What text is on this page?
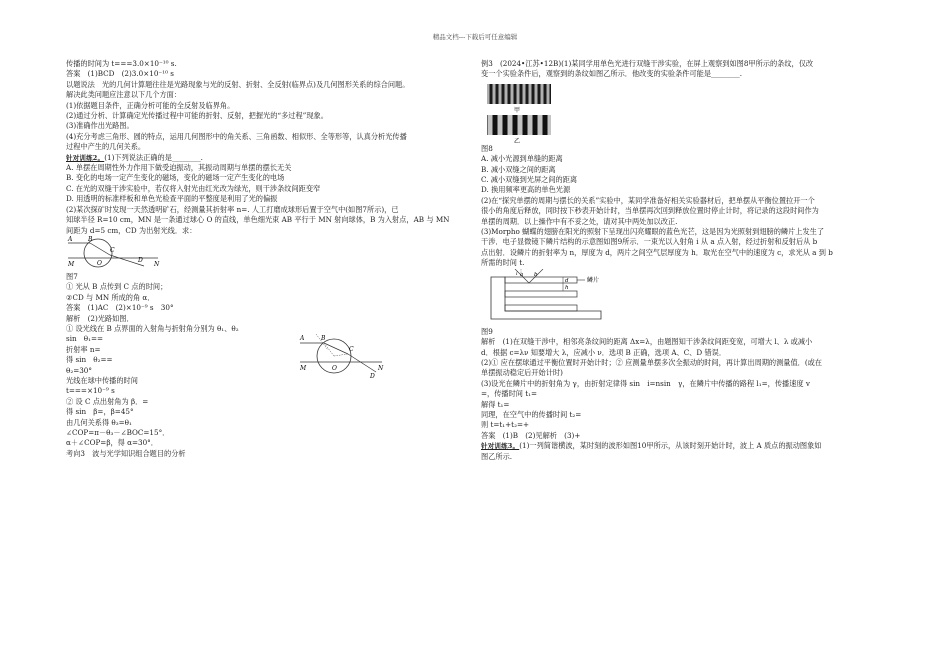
精品文档---下载后可任意编辑

传播的时间为 t===3.0×10⁻¹⁰ s.

答案　(1)BCD　(2)3.0×10⁻¹⁰ s

以题说法　光的几何计算题往往是光路现象与光的反射、折射、全反射(临界点)及几何图形关系的综合问题。

解决此类问题应注意以下几个方面：

(1)依据题目条件，正确分析可能的全反射及临界角。

(2)通过分析、计算确定光传播过程中可能的折射、反射，把握光的“多过程”现象。

(3)准确作出光路图。

(4)充分考虑三角形、圆的特点，运用几何图形中的角关系、三角函数、相似形、全等形等，认真分析光传播

过程中产生的几何关系。

针对训练2。(1)下列说法正确的是________.

A. 单摆在周期性外力作用下做受迫振动，其振动周期与单摆的摆长无关

B. 变化的电场一定产生变化的磁场，变化的磁场一定产生变化的电场

C. 在光的双缝干涉实验中，若仅将入射光由红光改为绿光，则干涉条纹间距变窄

D. 用透明的标准样板和单色光检查平面的平整度是利用了光的偏振

(2)某次探矿时发现一天然透明矿石，经测量其折射率 n=. 人工打磨成球形后置于空气中(如图7所示)，已

知球半径 R=10 cm，MN 是一条通过球心 O 的直线，单色细光束 AB 平行于 MN 射向球体，B 为入射点，AB 与 MN

间距为 d=5 cm，CD 为出射光线．求：

A
M	O	N
D
B
C

图7

① 光从 B 点传到 C 点的时间；

②CD 与 MN 所成的角 α．

答案　(1)AC　(2)×10⁻⁹ s　30°

解析　(2)光路如图．

① 设光线在 B 点界面的入射角与折射角分别为 θ₁、θ₂

sin　θ₁==

折射率 n=

得 sin　θ₂==

θ₂=30°

光线在球中传播的时间

t===×10⁻⁹ s

② 设 C 点出射角为 β．=

得 sin　β=，β=45°

由几何关系得 θ₃=θ₁

∠COP=π－θ₃－∠BOC=15°．

α＋∠COP=β，得 α=30°．

考向3　波与光学知识组合题目的分析

A
M	O	N
D
B
C

例3　(2024•江苏•12B)(1)某同学用单色光进行双缝干涉实验，在屏上观察到如图8甲所示的条纹，仅改

变一个实验条件后，观察到的条纹如图乙所示．他改变的实验条件可能是________.

甲
乙

图8

A. 减小光源到单缝的距离

B. 减小双缝之间的距离

C. 减小双缝到光屏之间的距离

D. 换用频率更高的单色光源

(2)在“探究单摆的周期与摆长的关系”实验中，某同学准备好相关实验器材后，把单摆从平衡位置拉开一个

很小的角度后释放，同时按下秒表开始计时，当单摆再次回到释放位置时停止计时，将记录的这段时间作为

单摆的周期．以上操作中有不妥之处，请对其中两处加以改正.

(3)Morpho 蝴蝶的翅膀在阳光的照射下呈现出闪亮耀眼的蓝色光芒，这是因为光照射到翅膀的鳞片上发生了

干涉．电子显微镜下鳞片结构的示意图如图9所示．一束光以入射角 i 从 a 点入射，经过折射和反射后从 b

点出射．设鳞片的折射率为 n，厚度为 d，两片之间空气层厚度为 h．取光在空气中的速度为 c，求光从 a 到 b

所需的时间 t.

a b
d
h
i
鳞片

图9

解析　(1)在双缝干涉中，相邻亮条纹间的距离 Δx=λ，由题图知干涉条纹间距变宽，可增大 l、λ 或减小

d．根据 c=λν 知要增大 λ，应减小 ν．选项 B 正确，选项 A、C、D 错误．

(2)① 应在摆球通过平衡位置时开始计时；② 应测量单摆多次全振动的时间，再计算出周期的测量值．(或在

单摆振动稳定后开始计时)

(3)设光在鳞片中的折射角为 γ，由折射定律得 sin　i=nsin　γ，在鳞片中传播的路程 l₁=，传播速度 v

=，传播时间 t₁=

解得 t₁=

同理，在空气中的传播时间 t₂=

则 t=t₁+t₂=+

答案　(1)B　(2)见解析　(3)+

针对训练3。(1)一列简谐横波，某时刻的波形如图10甲所示，从该时刻开始计时，波上 A 质点的振动图象如

图乙所示.
